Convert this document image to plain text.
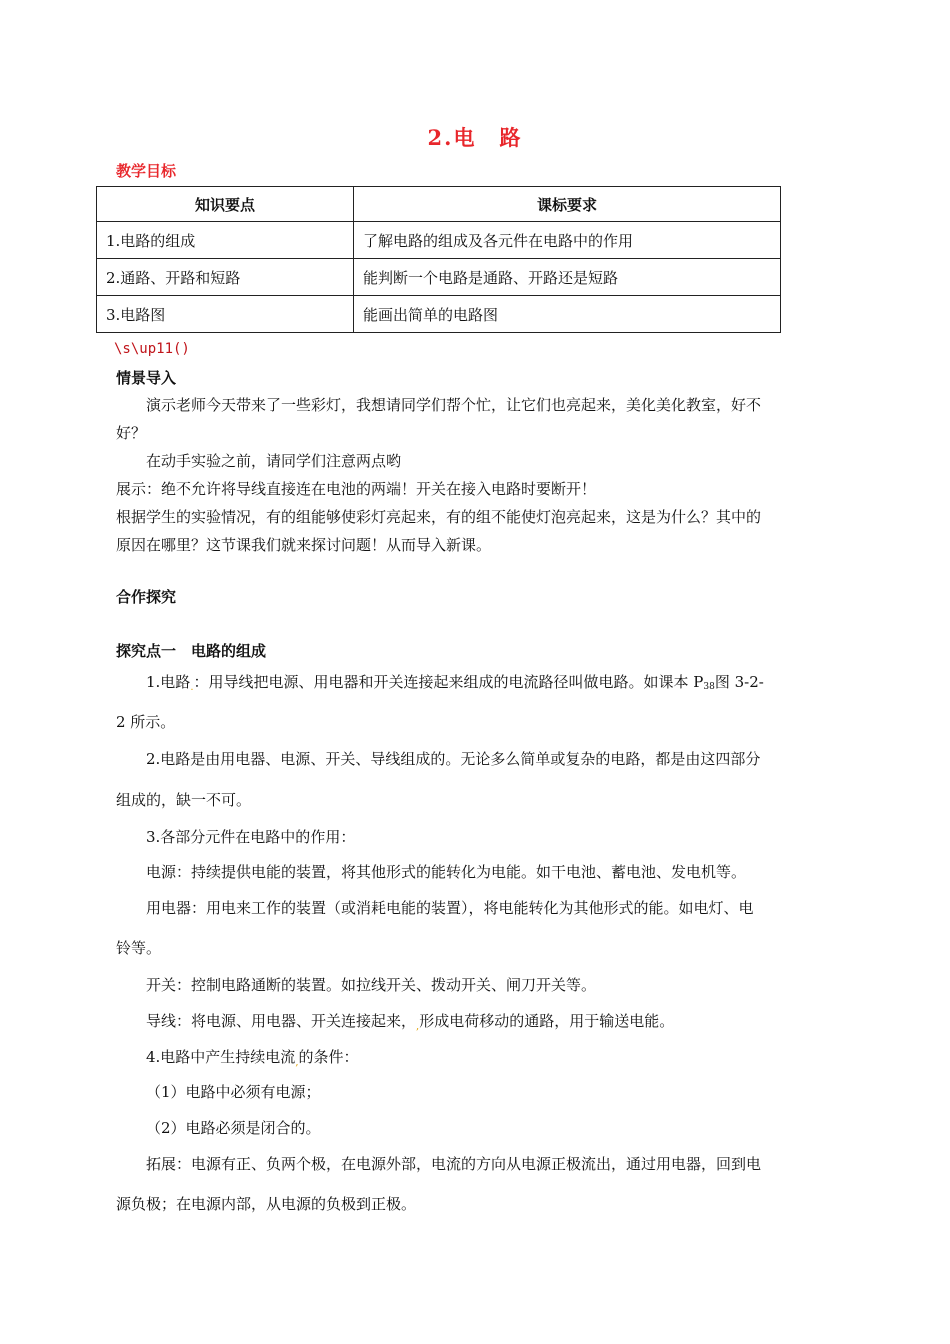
2.电　路
教学目标
知识要点	课标要求
1.电路的组成	了解电路的组成及各元件在电路中的作用
2.通路、开路和短路	能判断一个电路是通路、开路还是短路
3.电路图	能画出简单的电路图
\s\up11()
情景导入
演示老师今天带来了一些彩灯，我想请同学们帮个忙，让它们也亮起来，美化美化教室，好不
好？
在动手实验之前，请同学们注意两点哟
展示：绝不允许将导线直接连在电池的两端！开关在接入电路时要断开！
根据学生的实验情况，有的组能够使彩灯亮起来，有的组不能使灯泡亮起来，这是为什么？其中的
原因在哪里？这节课我们就来探讨问题！从而导入新课。
合作探究
探究点一　电路的组成
1.电路$_.$：用导线把电源、用电器和开关连接起来组成的电流路径叫做电路。如课本 $P_{38}$图 3-2-
2 所示。
2.电路是由用电器、电源、开关、导线组成的。无论多么简单或复杂的电路，都是由这四部分
组成的，缺一不可。
3.各部分元件在电路中的作用：
电源：持续提供电能的装置，将其他形式的能转化为电能。如干电池、蓄电池、发电机等。
用电器：用电来工作的装置（或消耗电能的装置），将电能转化为其他形式的能。如电灯、电
铃等。
开关：控制电路通断的装置。如拉线开关、拨动开关、闸刀开关等。
导线：将电源、用电器、开关连接起来，$_,$形成电荷移动的通路，用于输送电能。
4.电路中产生持续电流$_,$的条件：
（1）电路中必须有电源；
（2）电路必须是闭合的。
拓展：电源有正、负两个极，在电源外部，电流的方向从电源正极流出，通过用电器，回到电
源负极；在电源内部，从电源的负极到正极。
